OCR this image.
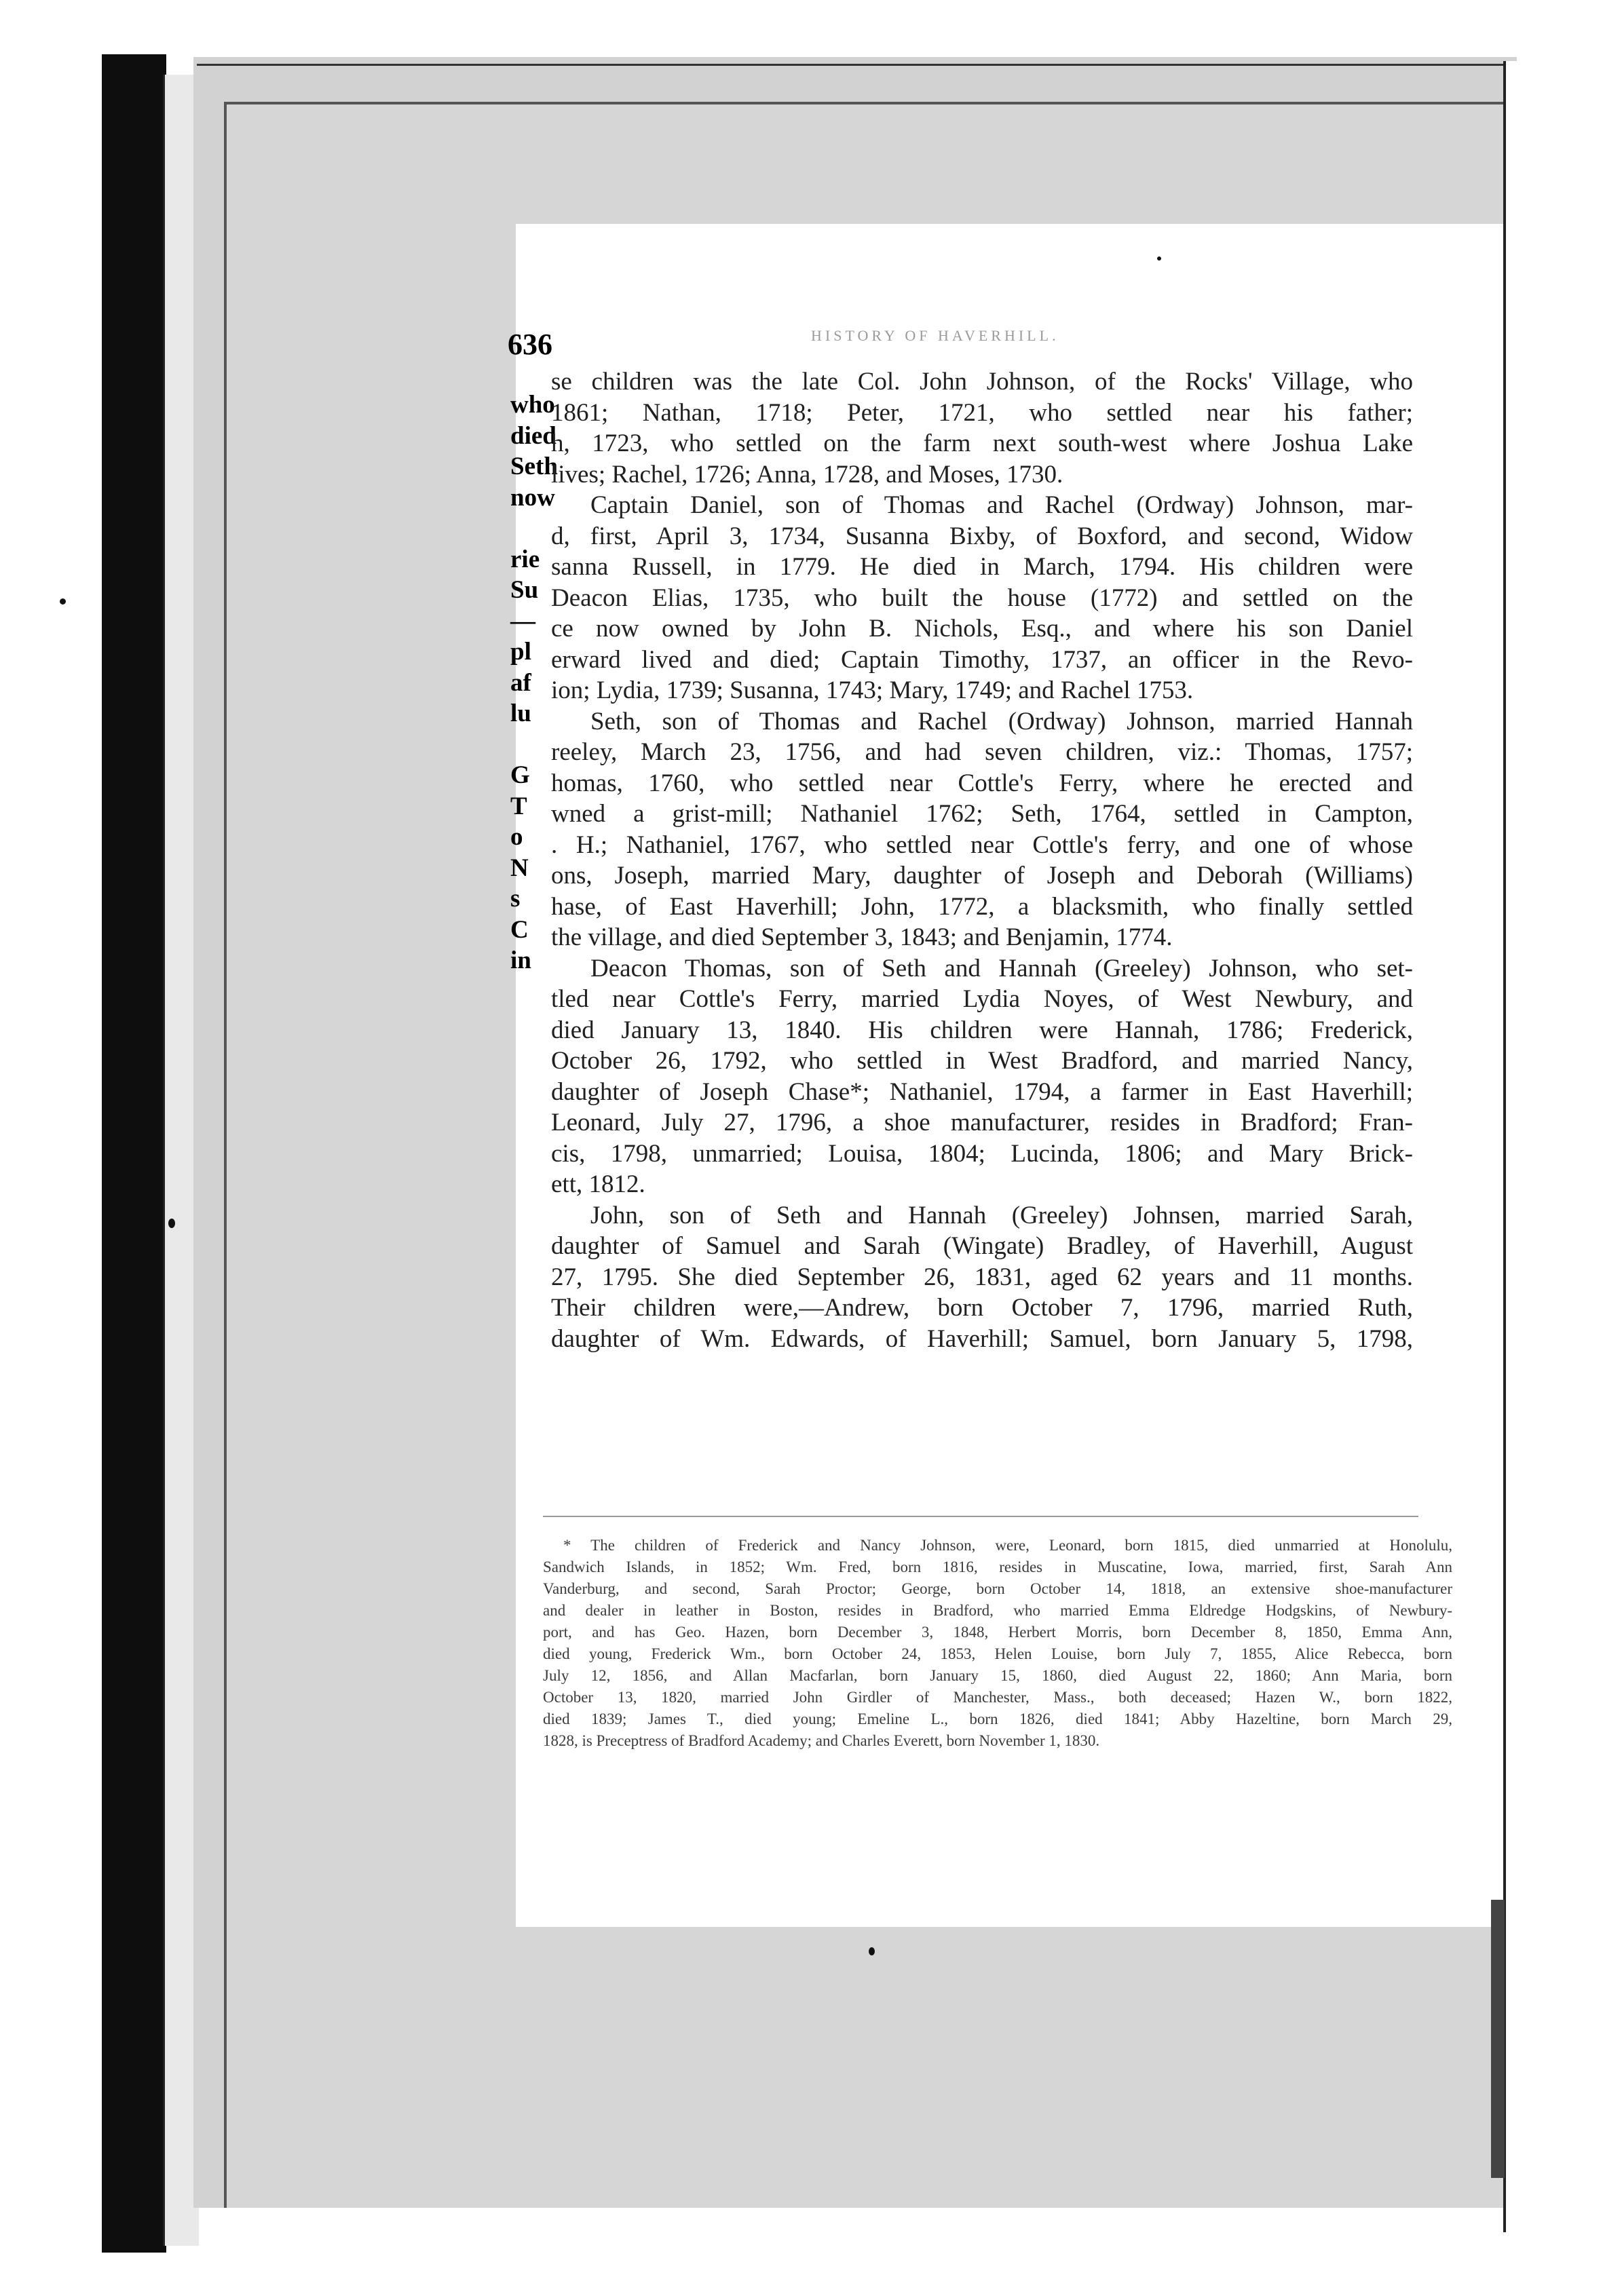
636	HISTORY OF HAVERHILL.
who
died
Seth
now
rie
Su
—
pl
af
lu
G
T
o
N
s
C
in
se children was the late Col. John Johnson, of the Rocks' Village, who
1861; Nathan, 1718; Peter, 1721, who settled near his father;
h, 1723, who settled on the farm next south-west where Joshua Lake
lives; Rachel, 1726; Anna, 1728, and Moses, 1730.
Captain Daniel, son of Thomas and Rachel (Ordway) Johnson, mar-
d, first, April 3, 1734, Susanna Bixby, of Boxford, and second, Widow
sanna Russell, in 1779. He died in March, 1794. His children were
Deacon Elias, 1735, who built the house (1772) and settled on the
ce now owned by John B. Nichols, Esq., and where his son Daniel
erward lived and died; Captain Timothy, 1737, an officer in the Revo-
ion; Lydia, 1739; Susanna, 1743; Mary, 1749; and Rachel 1753.
Seth, son of Thomas and Rachel (Ordway) Johnson, married Hannah
reeley, March 23, 1756, and had seven children, viz.: Thomas, 1757;
homas, 1760, who settled near Cottle's Ferry, where he erected and
wned a grist-mill; Nathaniel 1762; Seth, 1764, settled in Campton,
. H.; Nathaniel, 1767, who settled near Cottle's ferry, and one of whose
ons, Joseph, married Mary, daughter of Joseph and Deborah (Williams)
hase, of East Haverhill; John, 1772, a blacksmith, who finally settled
the village, and died September 3, 1843; and Benjamin, 1774.
Deacon Thomas, son of Seth and Hannah (Greeley) Johnson, who set-
tled near Cottle's Ferry, married Lydia Noyes, of West Newbury, and
died January 13, 1840. His children were Hannah, 1786; Frederick,
October 26, 1792, who settled in West Bradford, and married Nancy,
daughter of Joseph Chase*; Nathaniel, 1794, a farmer in East Haverhill;
Leonard, July 27, 1796, a shoe manufacturer, resides in Bradford; Fran-
cis, 1798, unmarried; Louisa, 1804; Lucinda, 1806; and Mary Brick-
ett, 1812.
John, son of Seth and Hannah (Greeley) Johnsen, married Sarah,
daughter of Samuel and Sarah (Wingate) Bradley, of Haverhill, August
27, 1795. She died September 26, 1831, aged 62 years and 11 months.
Their children were,—Andrew, born October 7, 1796, married Ruth,
daughter of Wm. Edwards, of Haverhill; Samuel, born January 5, 1798,
* The children of Frederick and Nancy Johnson, were, Leonard, born 1815, died unmarried at Honolulu,
Sandwich Islands, in 1852; Wm. Fred, born 1816, resides in Muscatine, Iowa, married, first, Sarah Ann
Vanderburg, and second, Sarah Proctor; George, born October 14, 1818, an extensive shoe-manufacturer
and dealer in leather in Boston, resides in Bradford, who married Emma Eldredge Hodgskins, of Newbury-
port, and has Geo. Hazen, born December 3, 1848, Herbert Morris, born December 8, 1850, Emma Ann,
died young, Frederick Wm., born October 24, 1853, Helen Louise, born July 7, 1855, Alice Rebecca, born
July 12, 1856, and Allan Macfarlan, born January 15, 1860, died August 22, 1860; Ann Maria, born
October 13, 1820, married John Girdler of Manchester, Mass., both deceased; Hazen W., born 1822,
died 1839; James T., died young; Emeline L., born 1826, died 1841; Abby Hazeltine, born March 29,
1828, is Preceptress of Bradford Academy; and Charles Everett, born November 1, 1830.
